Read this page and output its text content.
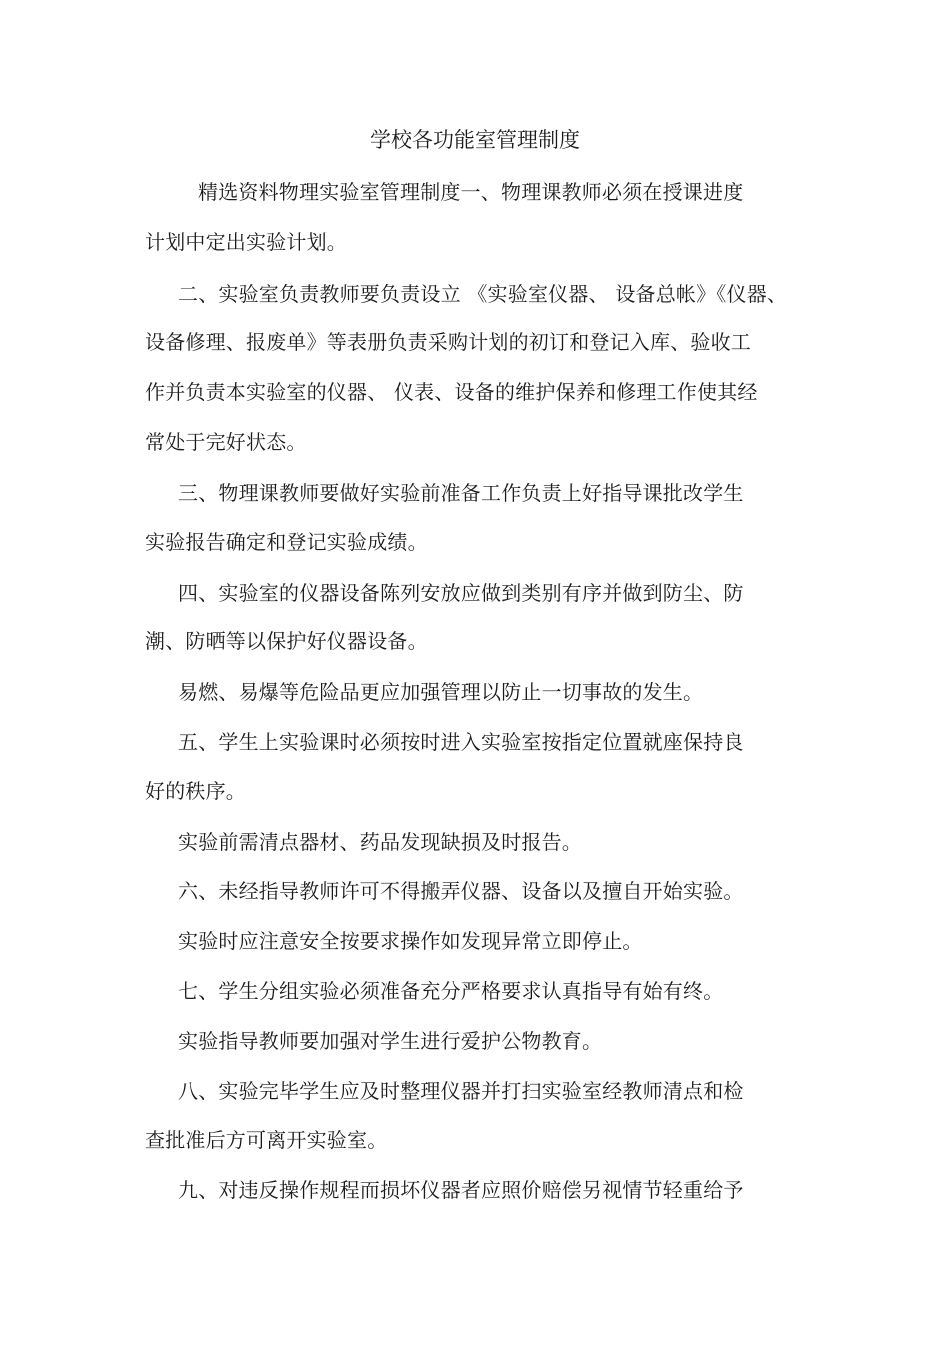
学校各功能室管理制度
精选资料物理实验室管理制度一、物理课教师必须在授课进度
计划中定出实验计划。
二、实验室负责教师要负责设立 《实验室仪器、 设备总帐》《仪器、
设备修理、报废单》等表册负责采购计划的初订和登记入库、验收工
作并负责本实验室的仪器、 仪表、设备的维护保养和修理工作使其经
常处于完好状态。
三、物理课教师要做好实验前准备工作负责上好指导课批改学生
实验报告确定和登记实验成绩。
四、实验室的仪器设备陈列安放应做到类别有序并做到防尘、防
潮、防晒等以保护好仪器设备。
易燃、易爆等危险品更应加强管理以防止一切事故的发生。
五、学生上实验课时必须按时进入实验室按指定位置就座保持良
好的秩序。
实验前需清点器材、药品发现缺损及时报告。
六、未经指导教师许可不得搬弄仪器、设备以及擅自开始实验。
实验时应注意安全按要求操作如发现异常立即停止。
七、学生分组实验必须准备充分严格要求认真指导有始有终。
实验指导教师要加强对学生进行爱护公物教育。
八、实验完毕学生应及时整理仪器并打扫实验室经教师清点和检
查批准后方可离开实验室。
九、对违反操作规程而损坏仪器者应照价赔偿另视情节轻重给予
